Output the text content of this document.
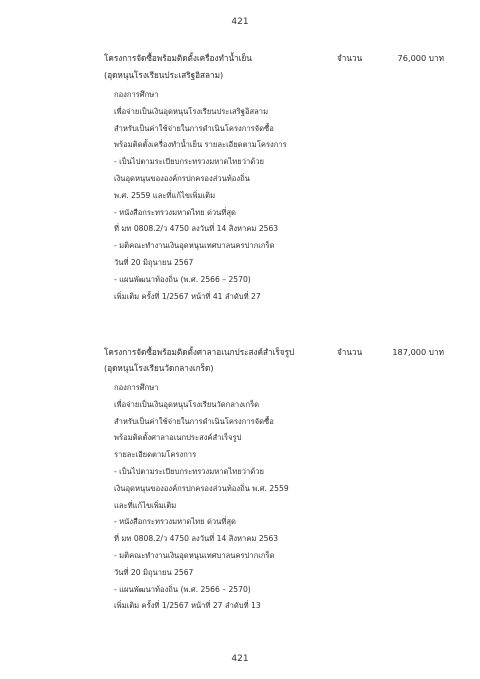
421
โครงการจัดซื้อพร้อมติดตั้งเครื่องทำน้ำเย็น
(อุดหนุนโรงเรียนประเสริฐอิสลาม)
จำนวน	76,000 บาท
กองการศึกษา
เพื่อจ่ายเป็นเงินอุดหนุนโรงเรียนประเสริฐอิสลาม
สำหรับเป็นค่าใช้จ่ายในการดำเนินโครงการจัดซื้อ
พร้อมติดตั้งเครื่องทำน้ำเย็น รายละเอียดตามโครงการ
- เป็นไปตามระเบียบกระทรวงมหาดไทยว่าด้วย
เงินอุดหนุนขององค์กรปกครองส่วนท้องถิ่น
พ.ศ. 2559 และที่แก้ไขเพิ่มเติม
- หนังสือกระทรวงมหาดไทย ด่วนที่สุด
ที่ มท 0808.2/ว 4750 ลงวันที่ 14 สิงหาคม 2563
- มติคณะทำงานเงินอุดหนุนเทศบาลนครปากเกร็ด
วันที่ 20 มิถุนายน 2567
- แผนพัฒนาท้องถิ่น (พ.ศ. 2566 – 2570)
เพิ่มเติม ครั้งที่ 1/2567 หน้าที่ 41 ลำดับที่ 27
โครงการจัดซื้อพร้อมติดตั้งศาลาอเนกประสงค์สำเร็จรูป
(อุดหนุนโรงเรียนวัดกลางเกร็ด)
จำนวน	187,000 บาท
กองการศึกษา
เพื่อจ่ายเป็นเงินอุดหนุนโรงเรียนวัดกลางเกร็ด
สำหรับเป็นค่าใช้จ่ายในการดำเนินโครงการจัดซื้อ
พร้อมติดตั้งศาลาอเนกประสงค์สำเร็จรูป
รายละเอียดตามโครงการ
- เป็นไปตามระเบียบกระทรวงมหาดไทยว่าด้วย
เงินอุดหนุนขององค์กรปกครองส่วนท้องถิ่น พ.ศ. 2559
และที่แก้ไขเพิ่มเติม
- หนังสือกระทรวงมหาดไทย ด่วนที่สุด
ที่ มท 0808.2/ว 4750 ลงวันที่ 14 สิงหาคม 2563
- มติคณะทำงานเงินอุดหนุนเทศบาลนครปากเกร็ด
วันที่ 20 มิถุนายน 2567
- แผนพัฒนาท้องถิ่น (พ.ศ. 2566 – 2570)
เพิ่มเติม ครั้งที่ 1/2567 หน้าที่ 27 ลำดับที่ 13
421
